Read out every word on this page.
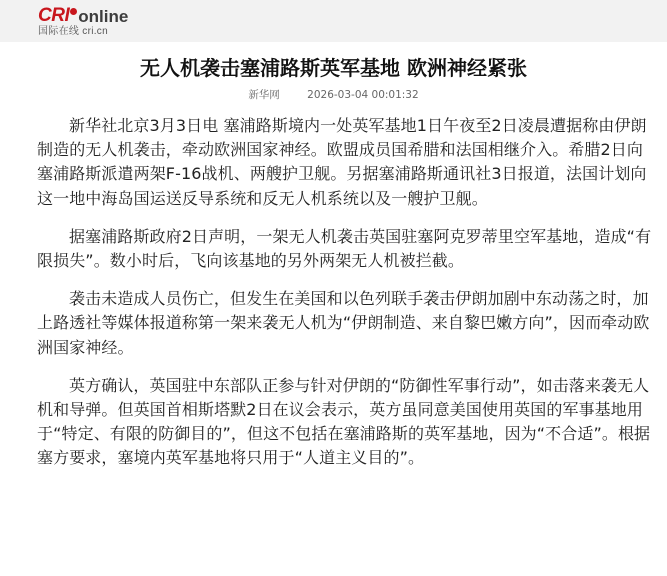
CRI online
国际在线 cri.cn
无人机袭击塞浦路斯英军基地 欧洲神经紧张
新华网	2026-03-04 00:01:32

新华社北京3月3日电 塞浦路斯境内一处英军基地1日午夜至2日凌晨遭据称由伊朗制造的无人机袭击，牵动欧洲国家神经。欧盟成员国希腊和法国相继介入。希腊2日向塞浦路斯派遣两架F-16战机、两艘护卫舰。另据塞浦路斯通讯社3日报道，法国计划向这一地中海岛国运送反导系统和反无人机系统以及一艘护卫舰。

据塞浦路斯政府2日声明，一架无人机袭击英国驻塞阿克罗蒂里空军基地，造成“有限损失”。数小时后，飞向该基地的另外两架无人机被拦截。

袭击未造成人员伤亡，但发生在美国和以色列联手袭击伊朗加剧中东动荡之时，加上路透社等媒体报道称第一架来袭无人机为“伊朗制造、来自黎巴嫩方向”，因而牵动欧洲国家神经。

英方确认，英国驻中东部队正参与针对伊朗的“防御性军事行动”，如击落来袭无人机和导弹。但英国首相斯塔默2日在议会表示，英方虽同意美国使用英国的军事基地用于“特定、有限的防御目的”，但这不包括在塞浦路斯的英军基地，因为“不合适”。根据塞方要求，塞境内英军基地将只用于“人道主义目的”。
